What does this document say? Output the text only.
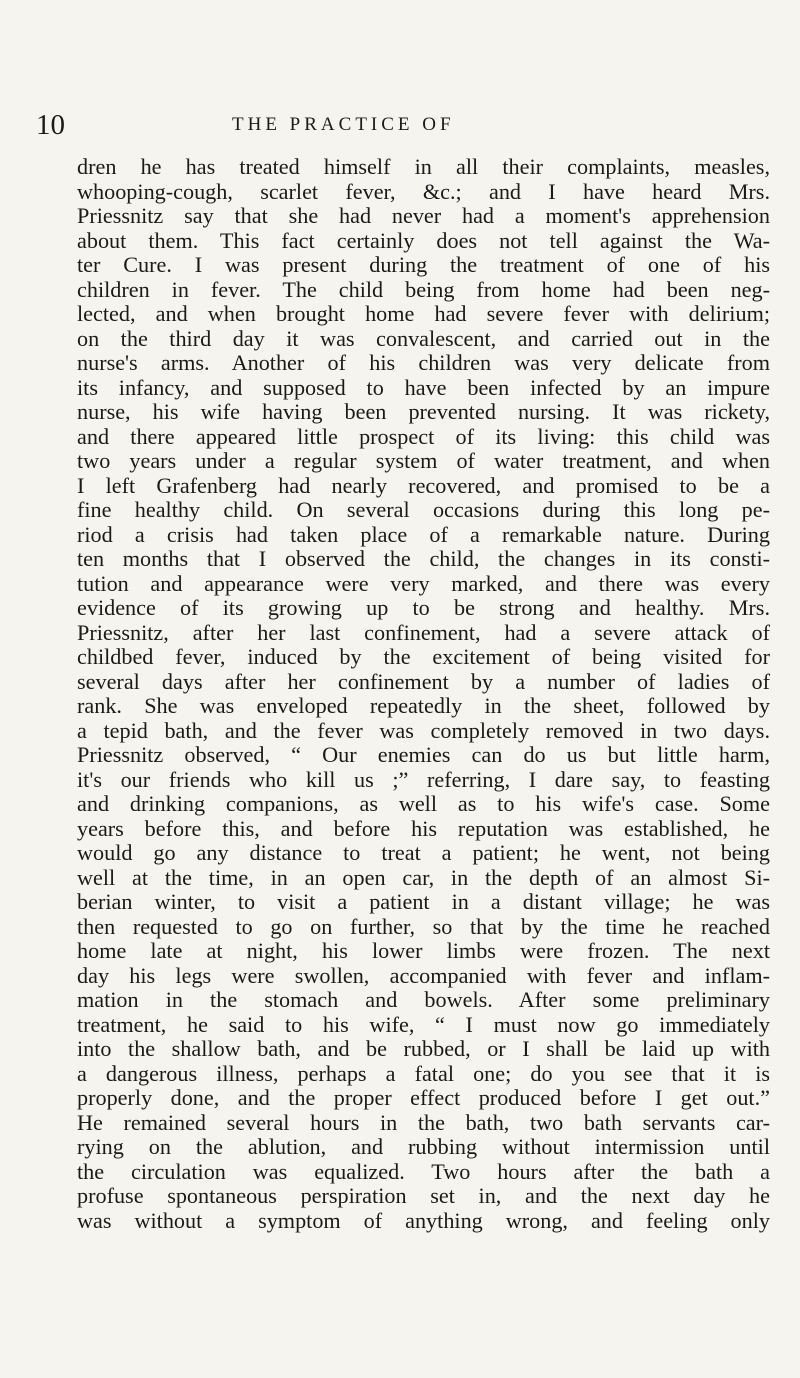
10	THE PRACTICE OF
dren he has treated himself in all their complaints, measles,
whooping-cough, scarlet fever, &c.; and I have heard Mrs.
Priessnitz say that she had never had a moment's apprehension
about them. This fact certainly does not tell against the Wa-
ter Cure. I was present during the treatment of one of his
children in fever. The child being from home had been neg-
lected, and when brought home had severe fever with delirium;
on the third day it was convalescent, and carried out in the
nurse's arms. Another of his children was very delicate from
its infancy, and supposed to have been infected by an impure
nurse, his wife having been prevented nursing. It was rickety,
and there appeared little prospect of its living: this child was
two years under a regular system of water treatment, and when
I left Grafenberg had nearly recovered, and promised to be a
fine healthy child. On several occasions during this long pe-
riod a crisis had taken place of a remarkable nature. During
ten months that I observed the child, the changes in its consti-
tution and appearance were very marked, and there was every
evidence of its growing up to be strong and healthy. Mrs.
Priessnitz, after her last confinement, had a severe attack of
childbed fever, induced by the excitement of being visited for
several days after her confinement by a number of ladies of
rank. She was enveloped repeatedly in the sheet, followed by
a tepid bath, and the fever was completely removed in two days.
Priessnitz observed, “ Our enemies can do us but little harm,
it's our friends who kill us ;” referring, I dare say, to feasting
and drinking companions, as well as to his wife's case. Some
years before this, and before his reputation was established, he
would go any distance to treat a patient; he went, not being
well at the time, in an open car, in the depth of an almost Si-
berian winter, to visit a patient in a distant village; he was
then requested to go on further, so that by the time he reached
home late at night, his lower limbs were frozen. The next
day his legs were swollen, accompanied with fever and inflam-
mation in the stomach and bowels. After some preliminary
treatment, he said to his wife, “ I must now go immediately
into the shallow bath, and be rubbed, or I shall be laid up with
a dangerous illness, perhaps a fatal one; do you see that it is
properly done, and the proper effect produced before I get out.”
He remained several hours in the bath, two bath servants car-
rying on the ablution, and rubbing without intermission until
the circulation was equalized. Two hours after the bath a
profuse spontaneous perspiration set in, and the next day he
was without a symptom of anything wrong, and feeling only
